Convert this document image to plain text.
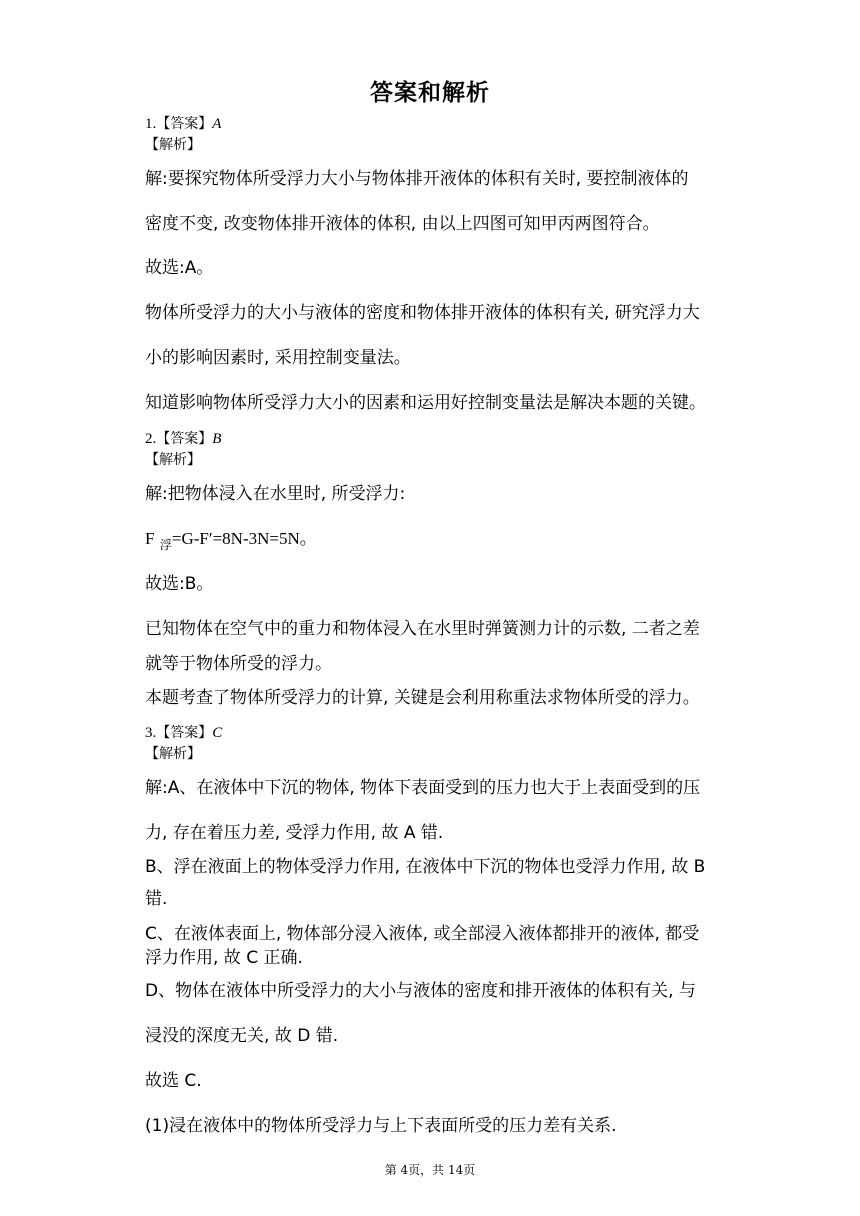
答案和解析
1.【答案】A
【解析】
解:要探究物体所受浮力大小与物体排开液体的体积有关时, 要控制液体的
密度不变, 改变物体排开液体的体积, 由以上四图可知甲丙两图符合。
故选:A。
物体所受浮力的大小与液体的密度和物体排开液体的体积有关, 研究浮力大
小的影响因素时, 采用控制变量法。
知道影响物体所受浮力大小的因素和运用好控制变量法是解决本题的关键。
2.【答案】B
【解析】
解:把物体浸入在水里时, 所受浮力:
F $_浮$=G-F′=8N-3N=5N。
故选:B。
已知物体在空气中的重力和物体浸入在水里时弹簧测力计的示数, 二者之差
就等于物体所受的浮力。
本题考查了物体所受浮力的计算, 关键是会利用称重法求物体所受的浮力。
3.【答案】C
【解析】
解:A、在液体中下沉的物体, 物体下表面受到的压力也大于上表面受到的压
力, 存在着压力差, 受浮力作用, 故 A 错.
B、浮在液面上的物体受浮力作用, 在液体中下沉的物体也受浮力作用, 故 B
错.
C、在液体表面上, 物体部分浸入液体, 或全部浸入液体都排开的液体, 都受
浮力作用, 故 C 正确.
D、物体在液体中所受浮力的大小与液体的密度和排开液体的体积有关, 与
浸没的深度无关, 故 D 错.
故选 C.
(1)浸在液体中的物体所受浮力与上下表面所受的压力差有关系.
第 4页，共 14页
